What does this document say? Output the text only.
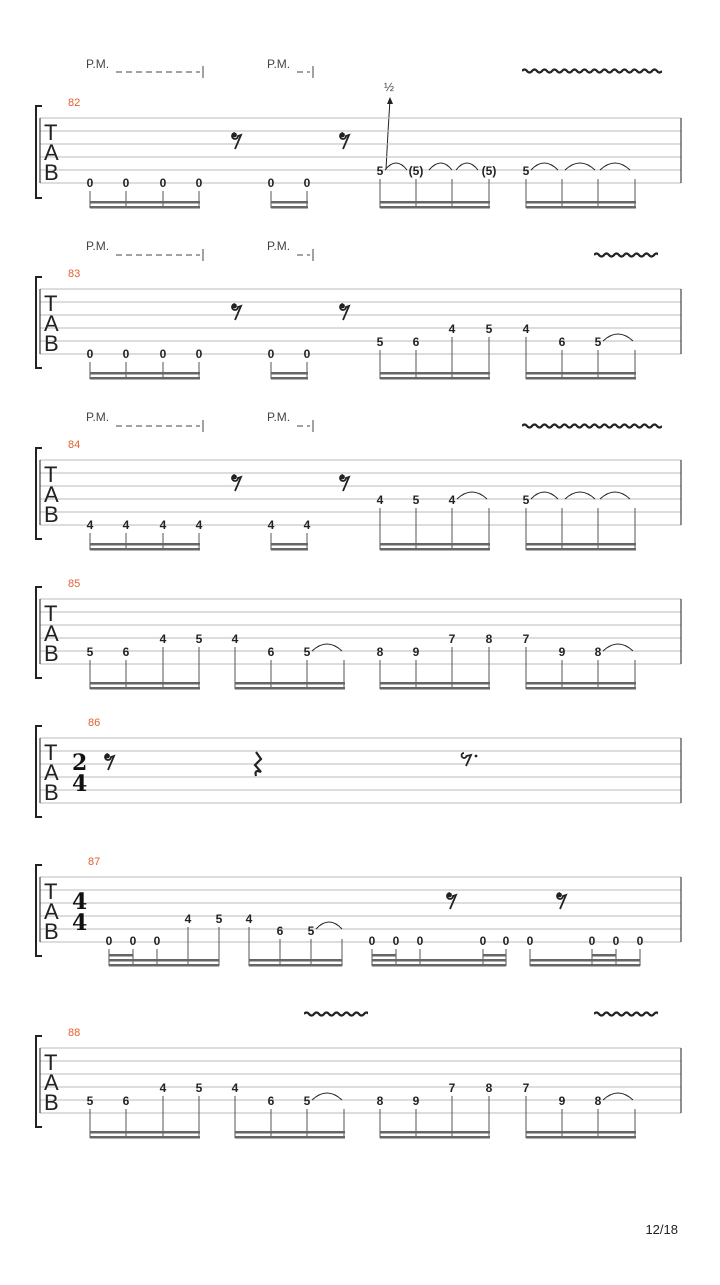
P.M.	P.M.
½
82
T
A
B 0 0	0 0	0 0
5 (5)	(5) 5
P.M.	P.M.
83
T
A
B 0 0	0 0	0 0
5 6
4	5	4
6 5
P.M.	P.M.
84
T
A
B 4 4	4 4	4 4
4 5 4	5
85
T
A
B 5 6
4 5 4
6 5	8 9
7	8	7
9 8
86
T
A
B
2
4
87
T
A
B
4
4
0 0 0
4 5 4
6 5
0 0 0	0 0 0	0 0 0
88
T
A
B 5 6
4 5 4
6 5	8 9
7	8	7
9 8
12/18
